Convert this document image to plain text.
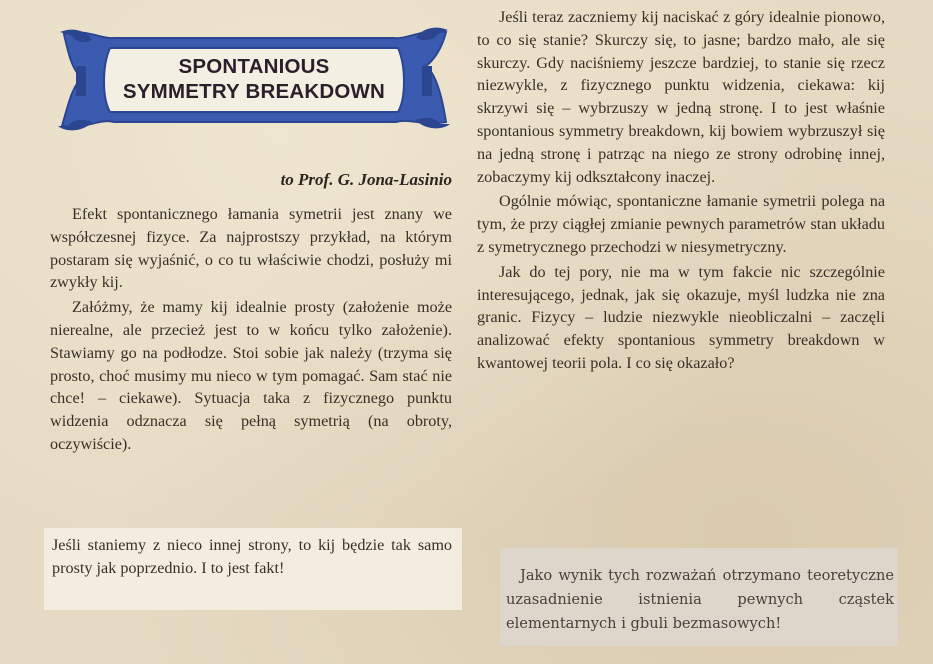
SPONTANIOUS
SYMMETRY BREAKDOWN
to Prof. G. Jona-Lasinio

Efekt spontanicznego łamania symetrii jest znany we współczesnej fizyce. Za najprostszy przykład, na którym postaram się wyjaśnić, o co tu właściwie chodzi, posłuży mi zwykły kij.

Załóżmy, że mamy kij idealnie prosty (założenie może nierealne, ale przecież jest to w końcu tylko założenie). Stawiamy go na podłodze. Stoi sobie jak należy (trzyma się prosto, choć musimy mu nieco w tym pomagać. Sam stać nie chce! – ciekawe). Sytuacja taka z fizycznego punktu widzenia odznacza się pełną symetrią (na obroty, oczywiście).

Jeśli staniemy z nieco innej strony, to kij będzie tak samo prosty jak poprzednio. I to jest fakt!

Jeśli teraz zaczniemy kij naciskać z góry idealnie pionowo, to co się stanie? Skurczy się, to jasne; bardzo mało, ale się skurczy. Gdy naciśniemy jeszcze bardziej, to stanie się rzecz niezwykle, z fizycznego punktu widzenia, ciekawa: kij skrzywi się – wybrzuszy w jedną stronę. I to jest właśnie spontanious symmetry breakdown, kij bowiem wybrzuszył się na jedną stronę i patrząc na niego ze strony odrobinę innej, zobaczymy kij odkształcony inaczej.

Ogólnie mówiąc, spontaniczne łamanie symetrii polega na tym, że przy ciągłej zmianie pewnych parametrów stan układu z symetrycznego przechodzi w niesymetryczny.

Jak do tej pory, nie ma w tym fakcie nic szczególnie interesującego, jednak, jak się okazuje, myśl ludzka nie zna granic. Fizycy – ludzie niezwykle nieobliczalni – zaczęli analizować efekty spontanious symmetry breakdown w kwantowej teorii pola. I co się okazało?

Jako wynik tych rozważań otrzymano teoretyczne uzasadnienie istnienia pewnych cząstek elementarnych i gbuli bezmasowych!
